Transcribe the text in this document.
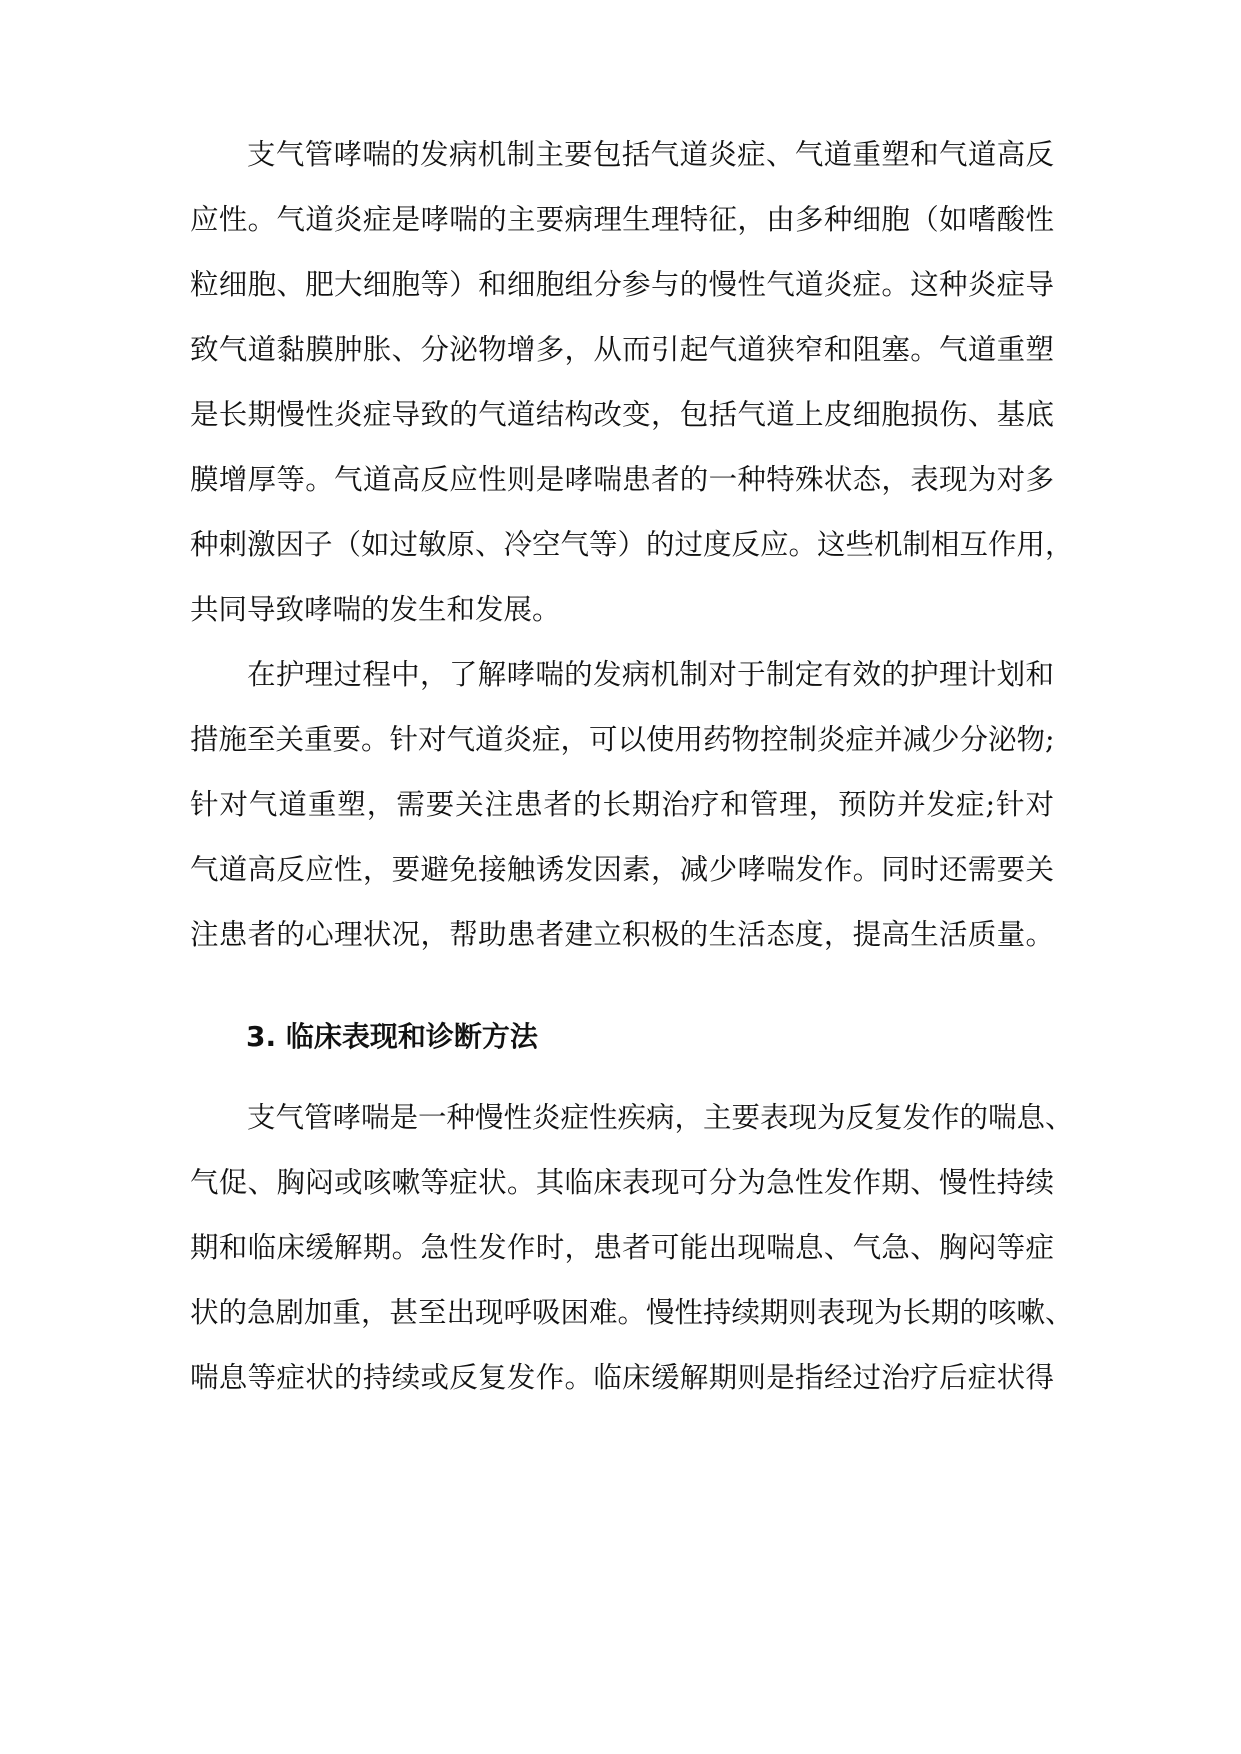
支气管哮喘的发病机制主要包括气道炎症、气道重塑和气道高反
应性。气道炎症是哮喘的主要病理生理特征，由多种细胞（如嗜酸性
粒细胞、肥大细胞等）和细胞组分参与的慢性气道炎症。这种炎症导
致气道黏膜肿胀、分泌物增多，从而引起气道狭窄和阻塞。气道重塑
是长期慢性炎症导致的气道结构改变，包括气道上皮细胞损伤、基底
膜增厚等。气道高反应性则是哮喘患者的一种特殊状态，表现为对多
种刺激因子（如过敏原、冷空气等）的过度反应。这些机制相互作用，
共同导致哮喘的发生和发展。
在护理过程中，了解哮喘的发病机制对于制定有效的护理计划和
措施至关重要。针对气道炎症，可以使用药物控制炎症并减少分泌物;
针对气道重塑，需要关注患者的长期治疗和管理，预防并发症;针对
气道高反应性，要避免接触诱发因素，减少哮喘发作。同时还需要关
注患者的心理状况，帮助患者建立积极的生活态度，提高生活质量。
3. 临床表现和诊断方法
支气管哮喘是一种慢性炎症性疾病，主要表现为反复发作的喘息、
气促、胸闷或咳嗽等症状。其临床表现可分为急性发作期、慢性持续
期和临床缓解期。急性发作时，患者可能出现喘息、气急、胸闷等症
状的急剧加重，甚至出现呼吸困难。慢性持续期则表现为长期的咳嗽、
喘息等症状的持续或反复发作。临床缓解期则是指经过治疗后症状得
